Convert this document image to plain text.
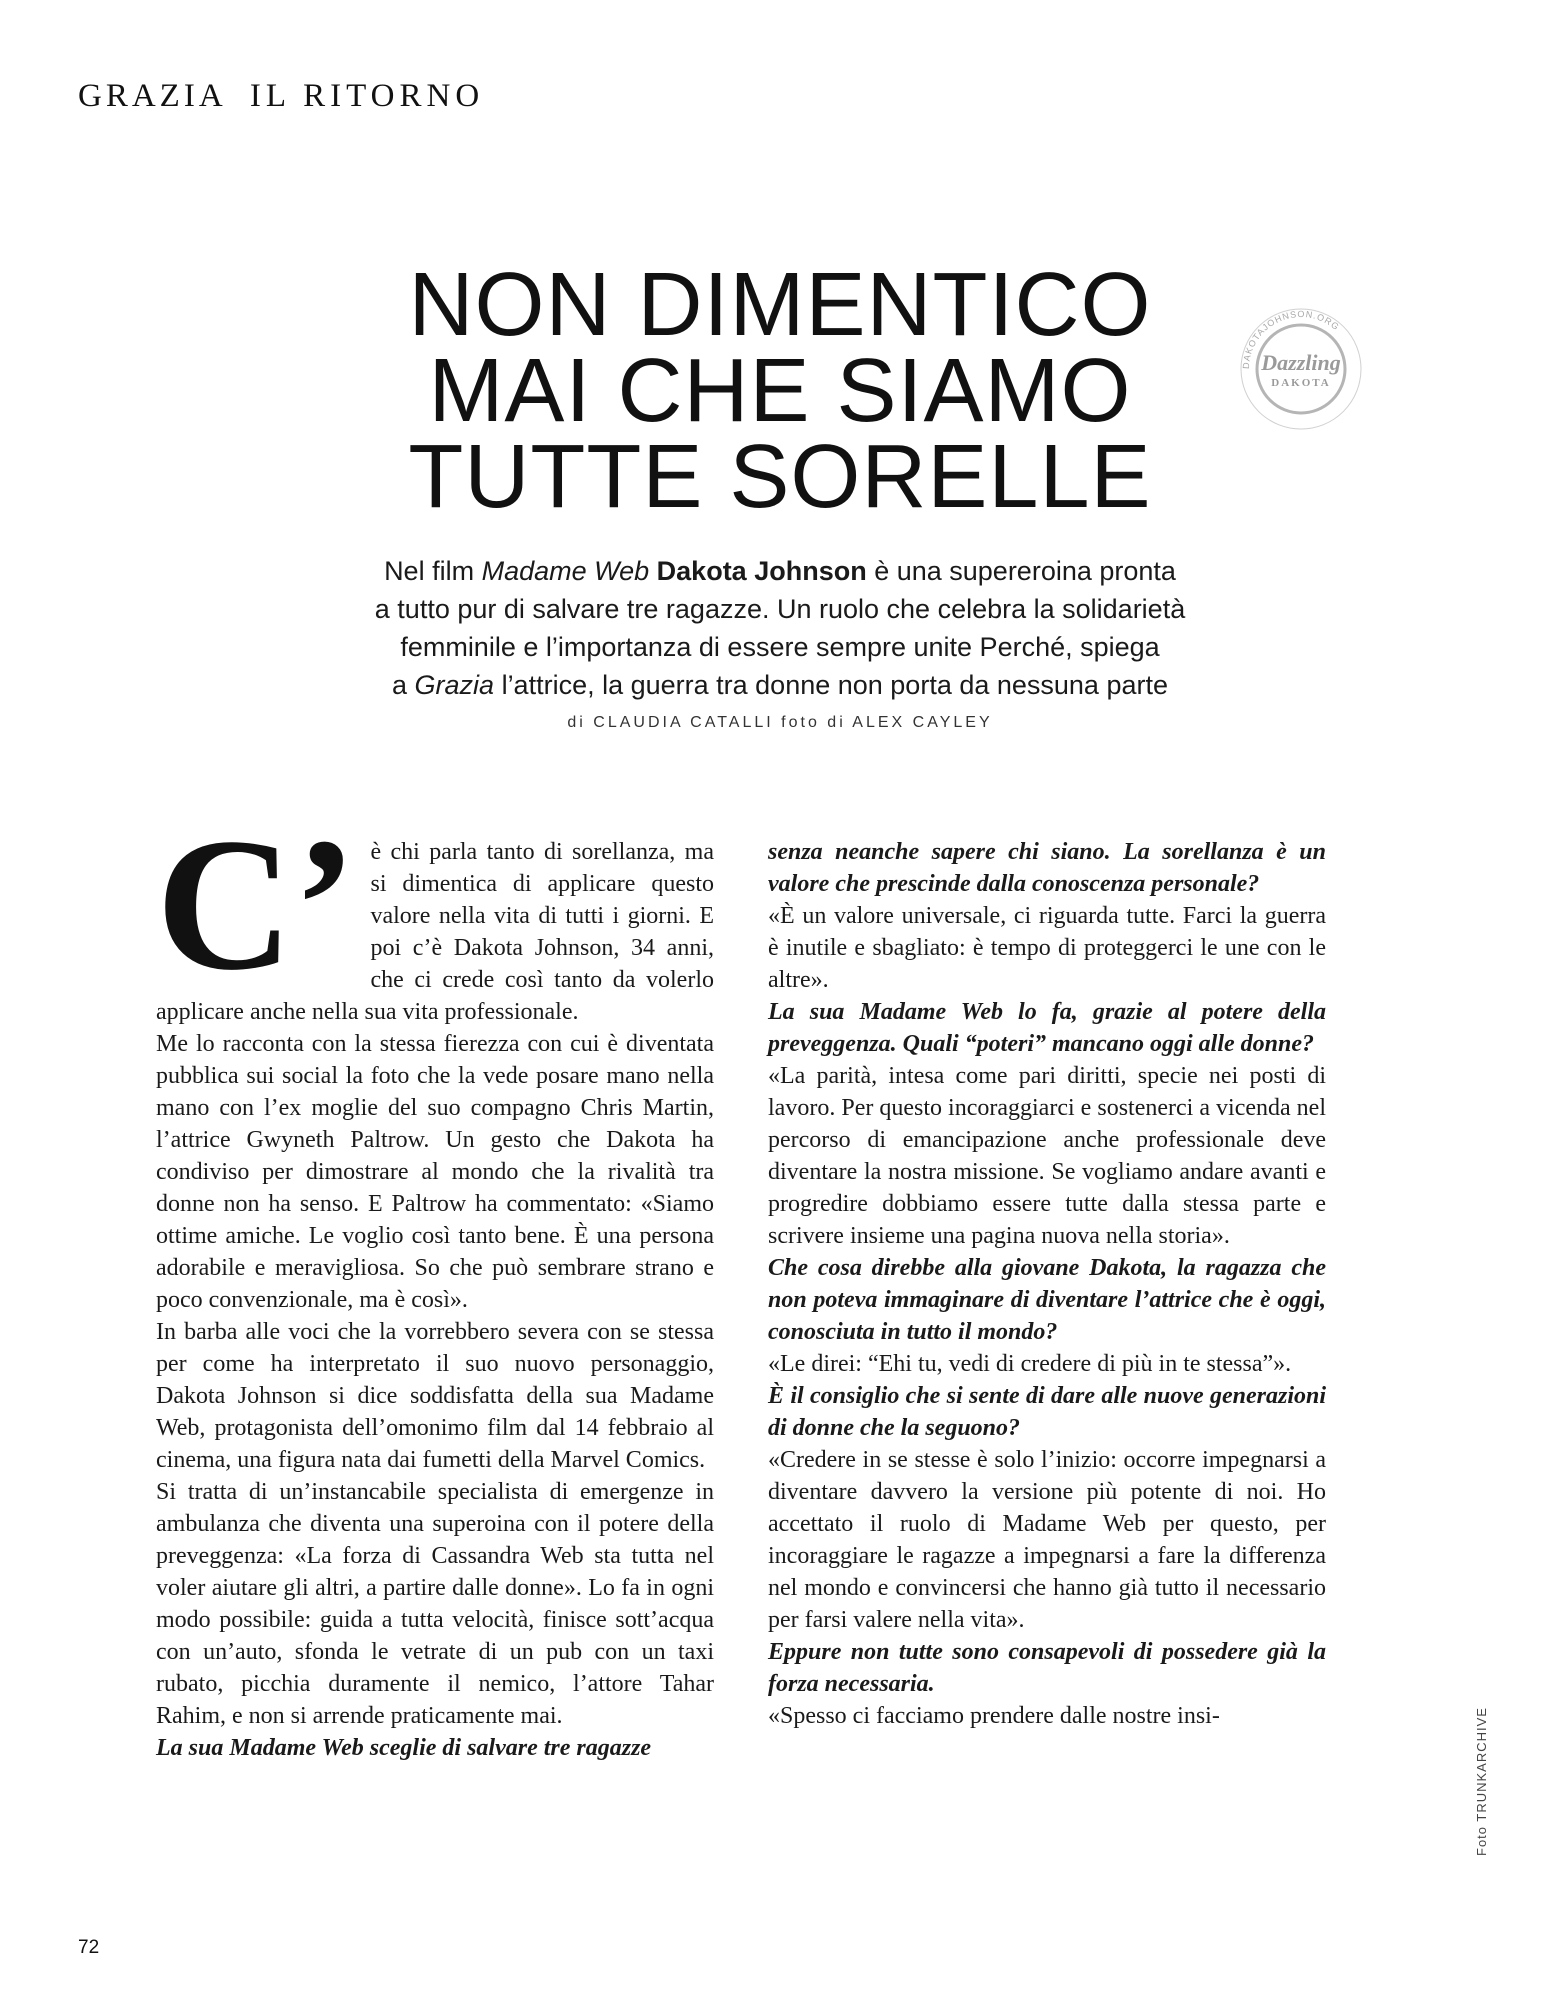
GRAZIA IL RITORNO
NON DIMENTICO
MAI CHE SIAMO
TUTTE SORELLE
DAKOTAJOHNSON.ORG
Dazzling
DAKOTA
Nel film Madame Web Dakota Johnson è una supereroina pronta
a tutto pur di salvare tre ragazze. Un ruolo che celebra la solidarietà
femminile e l’importanza di essere sempre unite Perché, spiega
a Grazia l’attrice, la guerra tra donne non porta da nessuna parte
di CLAUDIA CATALLI foto di ALEX CAYLEY
C’ è chi parla tanto di sorellanza, ma si dimentica di applicare questo valore nella vita di tutti i giorni. E poi c’è Dakota Johnson, 34 anni, che ci crede così tanto da volerlo applicare anche nella sua vita professionale.

Me lo racconta con la stessa fierezza con cui è diventata pubblica sui social la foto che la vede posare mano nella mano con l’ex moglie del suo compagno Chris Martin, l’attrice Gwyneth Paltrow. Un gesto che Dakota ha condiviso per dimostrare al mondo che la rivalità tra donne non ha senso. E Paltrow ha commentato: «Siamo ottime amiche. Le voglio così tanto bene. È una persona adorabile e meravigliosa. So che può sembrare strano e poco convenzionale, ma è così».

In barba alle voci che la vorrebbero severa con se stessa per come ha interpretato il suo nuovo personaggio, Dakota Johnson si dice soddisfatta della sua Madame Web, protagonista dell’omonimo film dal 14 febbraio al cinema, una figura nata dai fumetti della Marvel Comics.

Si tratta di un’instancabile specialista di emergenze in ambulanza che diventa una superoina con il potere della preveggenza: «La forza di Cassandra Web sta tutta nel voler aiutare gli altri, a partire dalle donne». Lo fa in ogni modo possibile: guida a tutta velocità, finisce sott’acqua con un’auto, sfonda le vetrate di un pub con un taxi rubato, picchia duramente il nemico, l’attore Tahar Rahim, e non si arrende praticamente mai.

La sua Madame Web sceglie di salvare tre ragazze

senza neanche sapere chi siano. La sorellanza è un valore che prescinde dalla conoscenza personale?

«È un valore universale, ci riguarda tutte. Farci la guerra è inutile e sbagliato: è tempo di proteggerci le une con le altre».

La sua Madame Web lo fa, grazie al potere della preveggenza. Quali “poteri” mancano oggi alle donne?

«La parità, intesa come pari diritti, specie nei posti di lavoro. Per questo incoraggiarci e sostenerci a vicenda nel percorso di emancipazione anche professionale deve diventare la nostra missione. Se vogliamo andare avanti e progredire dobbiamo essere tutte dalla stessa parte e scrivere insieme una pagina nuova nella storia».

Che cosa direbbe alla giovane Dakota, la ragazza che non poteva immaginare di diventare l’attrice che è oggi, conosciuta in tutto il mondo?

«Le direi: “Ehi tu, vedi di credere di più in te stessa”».

È il consiglio che si sente di dare alle nuove generazioni di donne che la seguono?

«Credere in se stesse è solo l’inizio: occorre impegnarsi a diventare davvero la versione più potente di noi. Ho accettato il ruolo di Madame Web per questo, per incoraggiare le ragazze a impegnarsi a fare la differenza nel mondo e convincersi che hanno già tutto il necessario per farsi valere nella vita».

Eppure non tutte sono consapevoli di possedere già la forza necessaria.

«Spesso ci facciamo prendere dalle nostre insi-	Foto TRUNKARCHIVE
72
